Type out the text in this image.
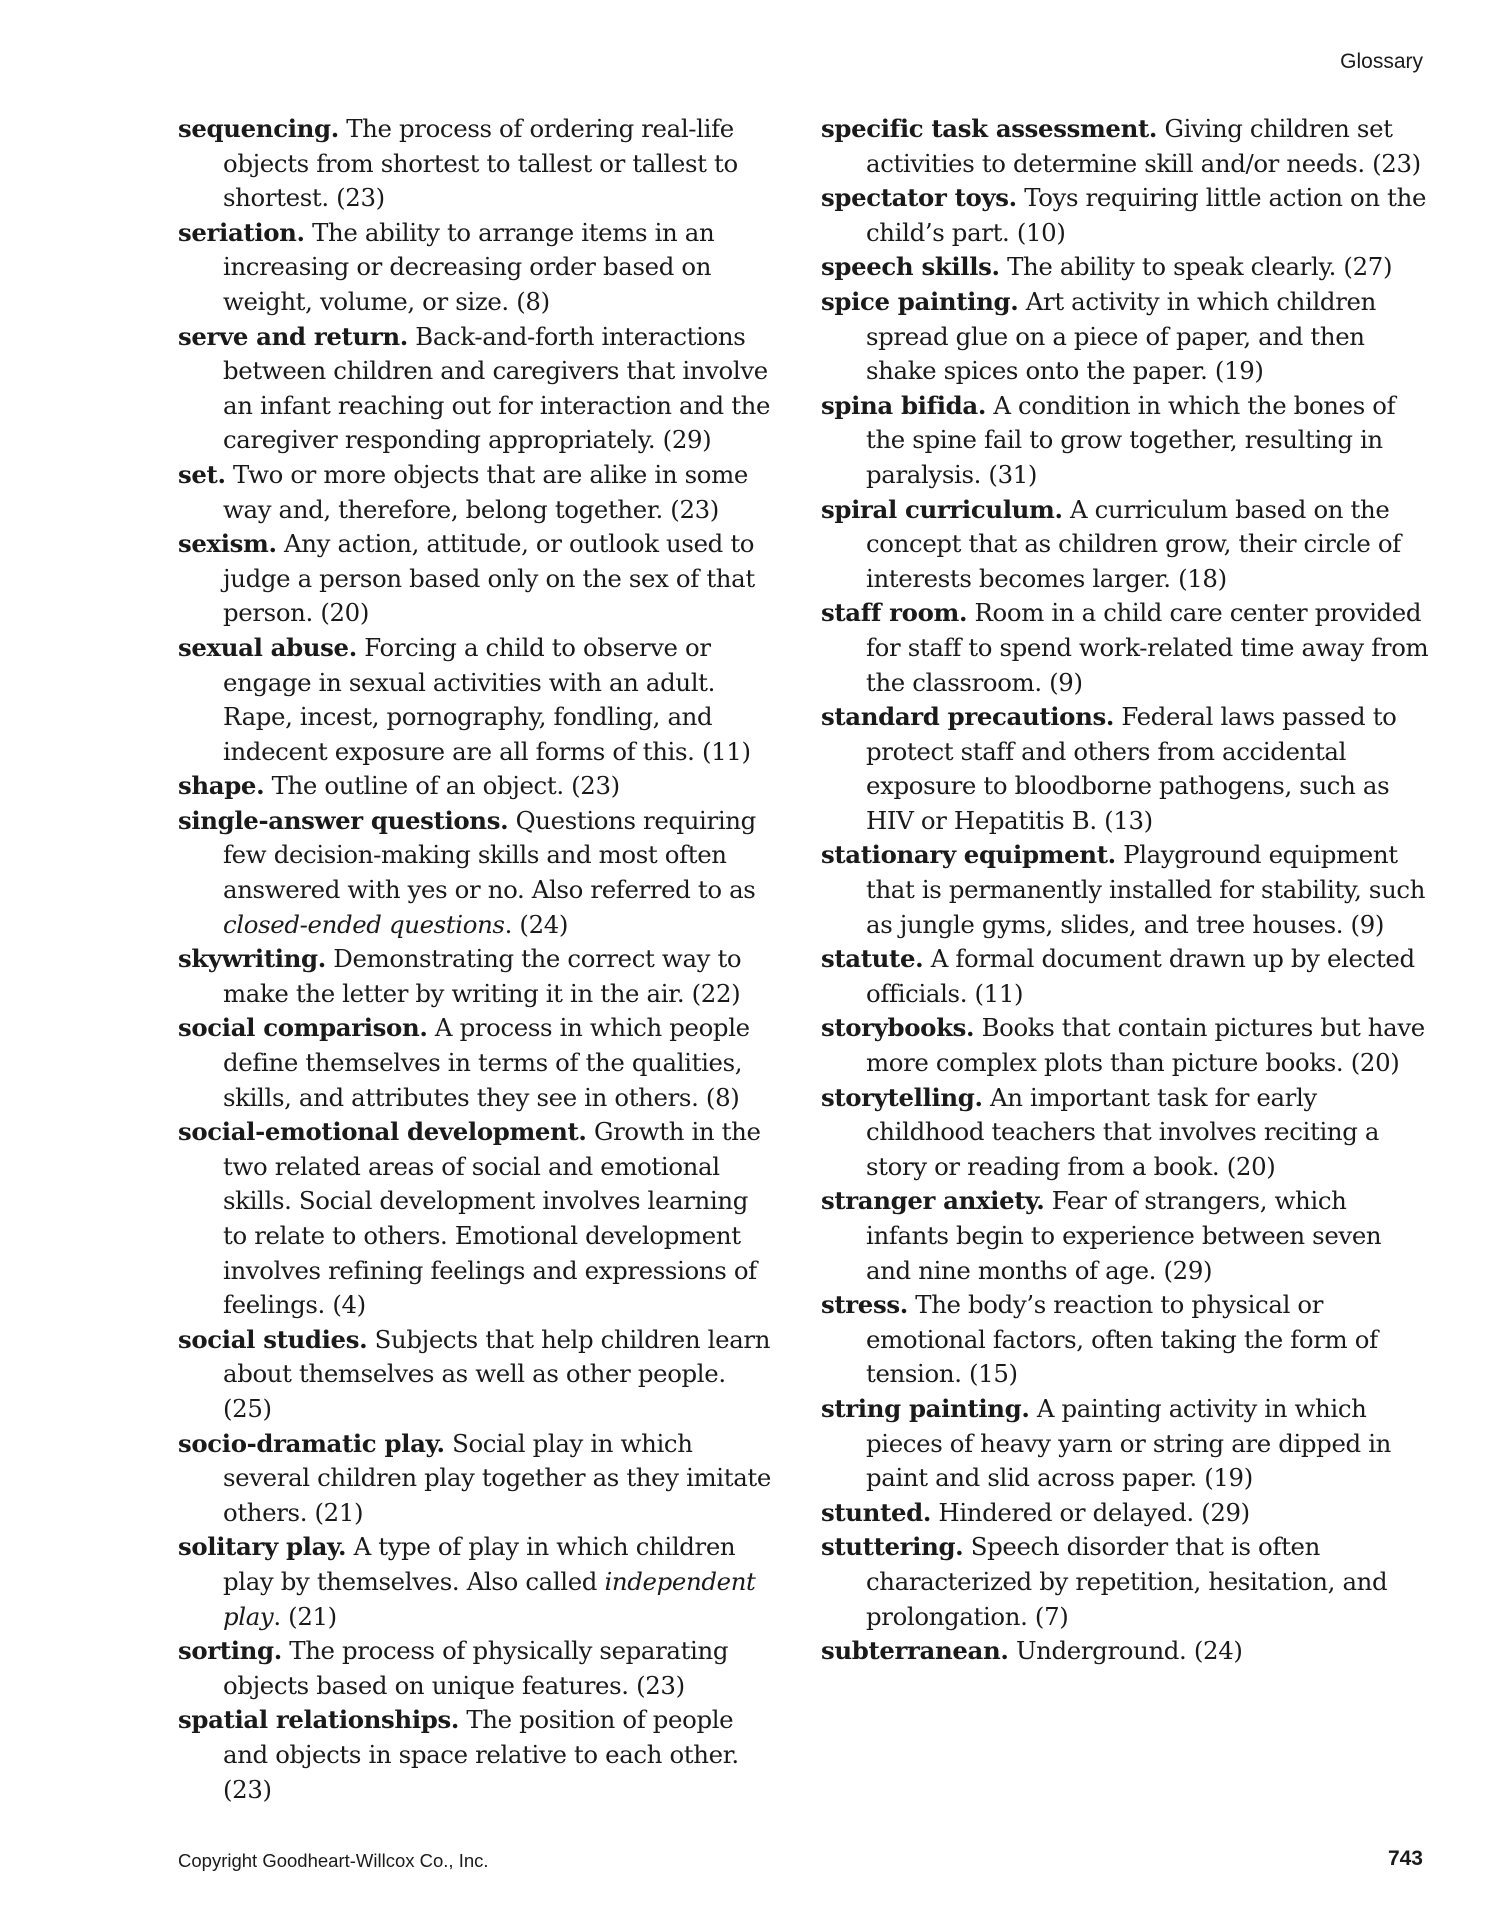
Glossary

sequencing. The process of ordering real-life objects from shortest to tallest or tallest to shortest. (23)

seriation. The ability to arrange items in an increasing or decreasing order based on weight, volume, or size. (8)

serve and return. Back-and-forth interactions between children and caregivers that involve an infant reaching out for interaction and the caregiver responding appropriately. (29)

set. Two or more objects that are alike in some way and, therefore, belong together. (23)

sexism. Any action, attitude, or outlook used to judge a person based only on the sex of that person. (20)

sexual abuse. Forcing a child to observe or engage in sexual activities with an adult. Rape, incest, pornography, fondling, and indecent exposure are all forms of this. (11)

shape. The outline of an object. (23)

single-answer questions. Questions requiring few decision-making skills and most often answered with yes or no. Also referred to as closed-ended questions. (24)

skywriting. Demonstrating the correct way to make the letter by writing it in the air. (22)

social comparison. A process in which people define themselves in terms of the qualities, skills, and attributes they see in others. (8)

social-emotional development. Growth in the two related areas of social and emotional skills. Social development involves learning to relate to others. Emotional development involves refining feelings and expressions of feelings. (4)

social studies. Subjects that help children learn about themselves as well as other people. (25)

socio-dramatic play. Social play in which several children play together as they imitate others. (21)

solitary play. A type of play in which children play by themselves. Also called independent play. (21)

sorting. The process of physically separating objects based on unique features. (23)

spatial relationships. The position of people and objects in space relative to each other. (23)

specific task assessment. Giving children set activities to determine skill and/or needs. (23)

spectator toys. Toys requiring little action on the child’s part. (10)

speech skills. The ability to speak clearly. (27)

spice painting. Art activity in which children spread glue on a piece of paper, and then shake spices onto the paper. (19)

spina bifida. A condition in which the bones of the spine fail to grow together, resulting in paralysis. (31)

spiral curriculum. A curriculum based on the concept that as children grow, their circle of interests becomes larger. (18)

staff room. Room in a child care center provided for staff to spend work-related time away from the classroom. (9)

standard precautions. Federal laws passed to protect staff and others from accidental exposure to bloodborne pathogens, such as HIV or Hepatitis B. (13)

stationary equipment. Playground equipment that is permanently installed for stability, such as jungle gyms, slides, and tree houses. (9)

statute. A formal document drawn up by elected officials. (11)

storybooks. Books that contain pictures but have more complex plots than picture books. (20)

storytelling. An important task for early childhood teachers that involves reciting a story or reading from a book. (20)

stranger anxiety. Fear of strangers, which infants begin to experience between seven and nine months of age. (29)

stress. The body’s reaction to physical or emotional factors, often taking the form of tension. (15)

string painting. A painting activity in which pieces of heavy yarn or string are dipped in paint and slid across paper. (19)

stunted. Hindered or delayed. (29)

stuttering. Speech disorder that is often characterized by repetition, hesitation, and prolongation. (7)

subterranean. Underground. (24)

Copyright Goodheart-Willcox Co., Inc.	743
